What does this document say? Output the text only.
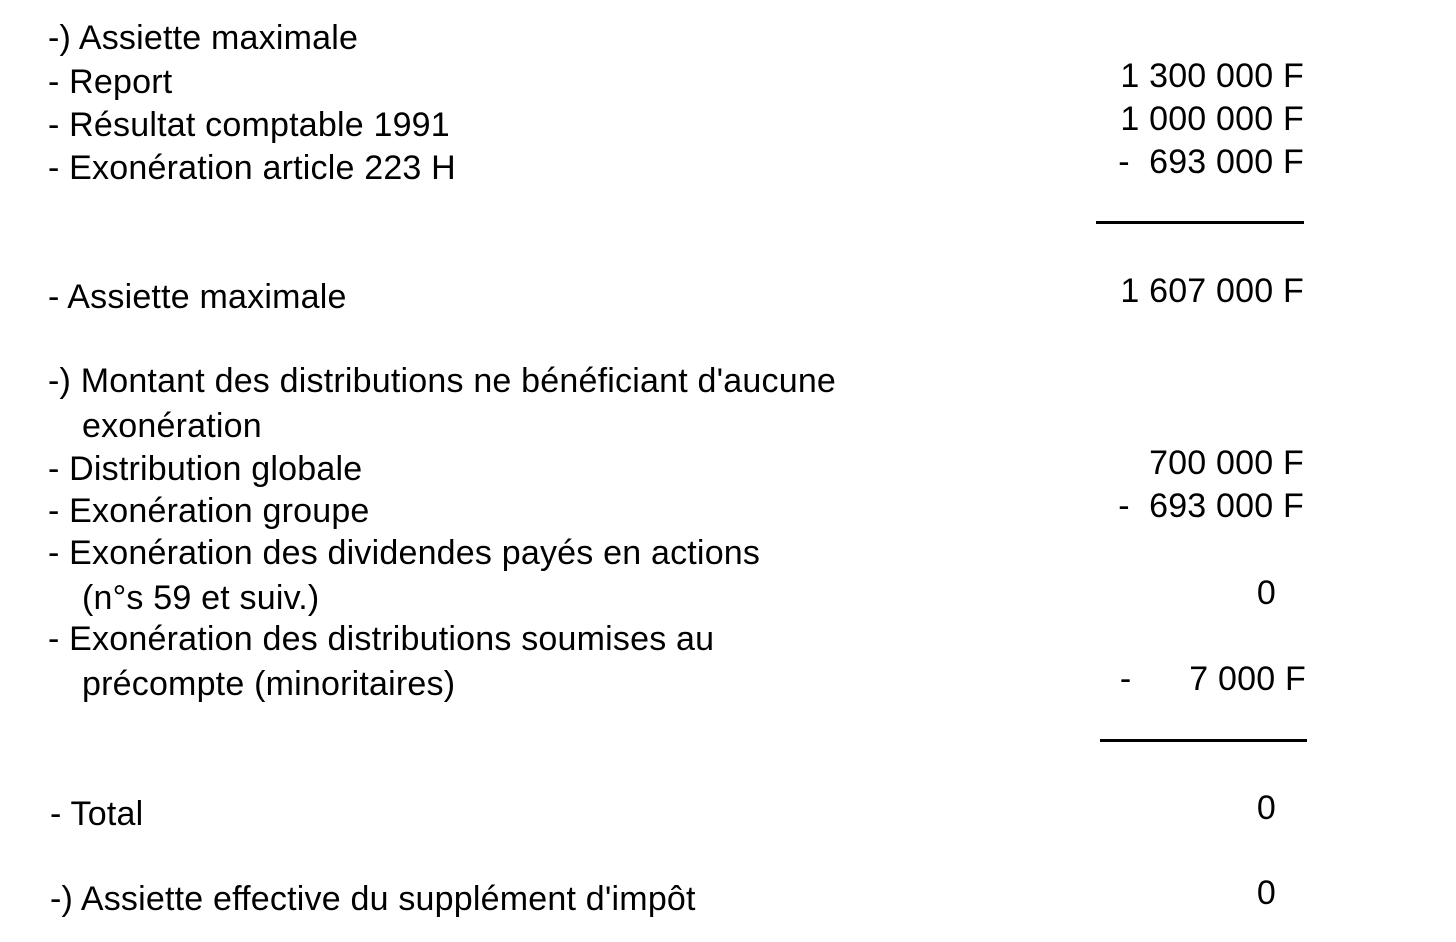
-) Assiette maximale
- Report	1 300 000 F
- Résultat comptable 1991	1 000 000 F
- Exonération article 223 H	-  693 000 F
- Assiette maximale	1 607 000 F
-) Montant des distributions ne bénéficiant d'aucune
exonération
- Distribution globale	700 000 F
- Exonération groupe	-  693 000 F
- Exonération des dividendes payés en actions
(n°s 59 et suiv.)	0
- Exonération des distributions soumises au
précompte (minoritaires)	-      7 000 F
- Total	0
-) Assiette effective du supplément d'impôt	0
